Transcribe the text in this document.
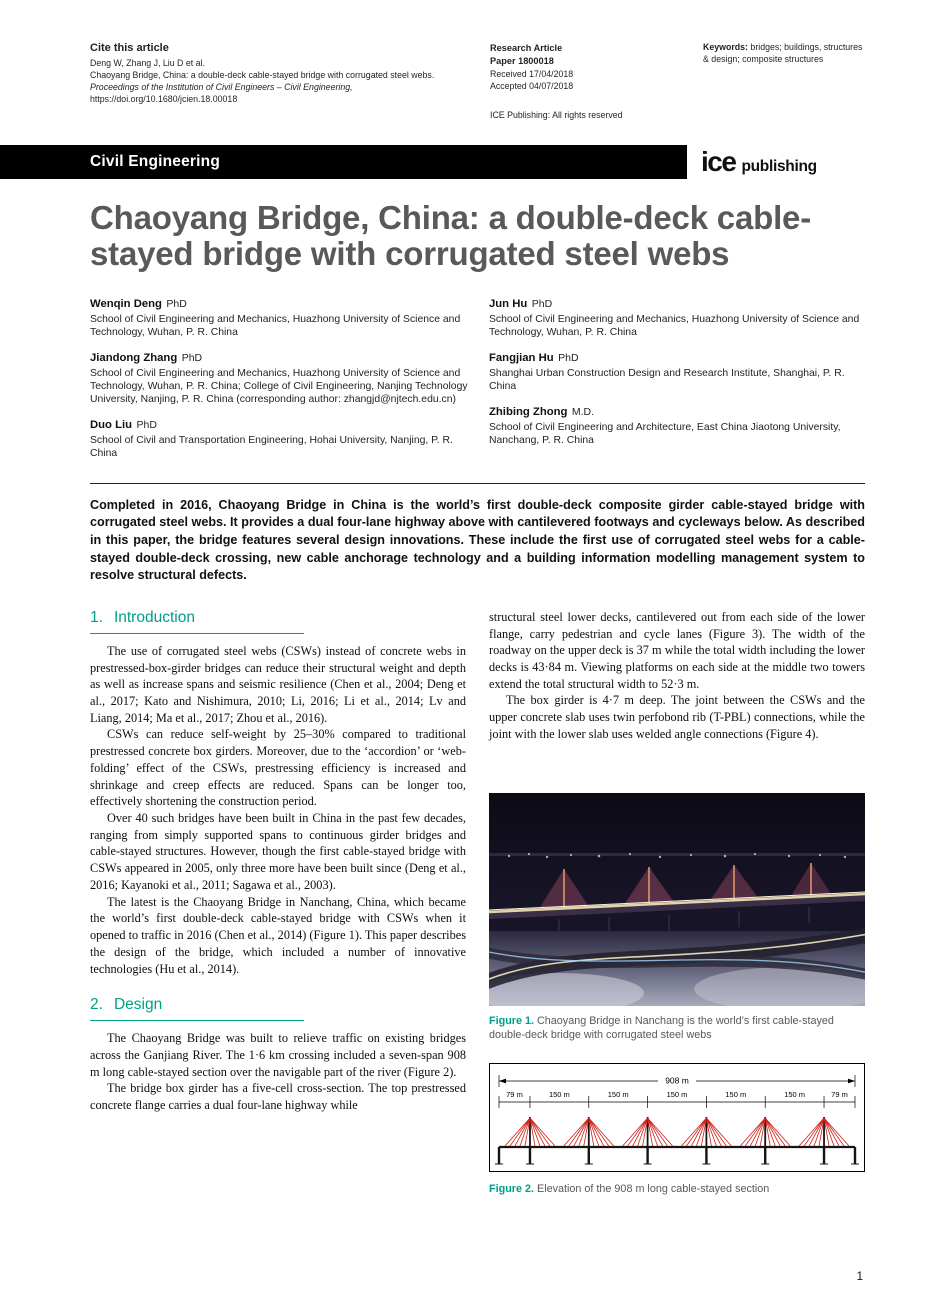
Cite this article
Deng W, Zhang J, Liu D et al.
Chaoyang Bridge, China: a double-deck cable-stayed bridge with corrugated steel webs.
Proceedings of the Institution of Civil Engineers – Civil Engineering,
https://doi.org/10.1680/jcien.18.00018
Research Article
Paper 1800018
Received 17/04/2018
Accepted 04/07/2018
ICE Publishing: All rights reserved
Keywords: bridges; buildings, structures & design; composite structures
Civil Engineering	ice publishing
Chaoyang Bridge, China: a double-deck cable-stayed bridge with corrugated steel webs
Wenqin Deng PhD
School of Civil Engineering and Mechanics, Huazhong University of Science and Technology, Wuhan, P. R. China
Jiandong Zhang PhD
School of Civil Engineering and Mechanics, Huazhong University of Science and Technology, Wuhan, P. R. China; College of Civil Engineering, Nanjing Technology University, Nanjing, P. R. China (corresponding author: zhangjd@njtech.edu.cn)
Duo Liu PhD
School of Civil and Transportation Engineering, Hohai University, Nanjing, P. R. China
Jun Hu PhD
School of Civil Engineering and Mechanics, Huazhong University of Science and Technology, Wuhan, P. R. China
Fangjian Hu PhD
Shanghai Urban Construction Design and Research Institute, Shanghai, P. R. China
Zhibing Zhong M.D.
School of Civil Engineering and Architecture, East China Jiaotong University, Nanchang, P. R. China

Completed in 2016, Chaoyang Bridge in China is the world’s first double-deck composite girder cable-stayed bridge with corrugated steel webs. It provides a dual four-lane highway above with cantilevered footways and cycleways below. As described in this paper, the bridge features several design innovations. These include the first use of corrugated steel webs for a cable-stayed double-deck crossing, new cable anchorage technology and a building information modelling management system to resolve structural defects.

1. Introduction

The use of corrugated steel webs (CSWs) instead of concrete webs in prestressed-box-girder bridges can reduce their structural weight and depth as well as increase spans and seismic resilience (Chen et al., 2004; Deng et al., 2017; Kato and Nishimura, 2010; Li, 2016; Li et al., 2014; Lv and Liang, 2014; Ma et al., 2017; Zhou et al., 2016).

CSWs can reduce self-weight by 25–30% compared to traditional prestressed concrete box girders. Moreover, due to the ‘accordion’ or ‘web-folding’ effect of the CSWs, prestressing efficiency is increased and shrinkage and creep effects are reduced. Spans can be longer too, effectively shortening the construction period.

Over 40 such bridges have been built in China in the past few decades, ranging from simply supported spans to continuous girder bridges and cable-stayed structures. However, though the first cable-stayed bridge with CSWs appeared in 2005, only three more have been built since (Deng et al., 2016; Kayanoki et al., 2011; Sagawa et al., 2003).

The latest is the Chaoyang Bridge in Nanchang, China, which became the world’s first double-deck cable-stayed bridge with CSWs when it opened to traffic in 2016 (Chen et al., 2014) (Figure 1). This paper describes the design of the bridge, which included a number of innovative technologies (Hu et al., 2014).

2. Design

The Chaoyang Bridge was built to relieve traffic on existing bridges across the Ganjiang River. The 1·6 km crossing included a seven-span 908 m long cable-stayed section over the navigable part of the river (Figure 2).

The bridge box girder has a five-cell cross-section. The top prestressed concrete flange carries a dual four-lane highway while

structural steel lower decks, cantilevered out from each side of the lower flange, carry pedestrian and cycle lanes (Figure 3). The width of the roadway on the upper deck is 37 m while the total width including the lower decks is 43·84 m. Viewing platforms on each side at the middle two towers extend the total structural width to 52·3 m.

The box girder is 4·7 m deep. The joint between the CSWs and the upper concrete slab uses twin perfobond rib (T-PBL) connections, while the joint with the lower slab uses welded angle connections (Figure 4).

Figure 1. Chaoyang Bridge in Nanchang is the world’s first cable-stayed double-deck bridge with corrugated steel webs

908 m
79 m	150 m	150 m	150 m	150 m	150 m	79 m

Figure 2. Elevation of the 908 m long cable-stayed section

1
